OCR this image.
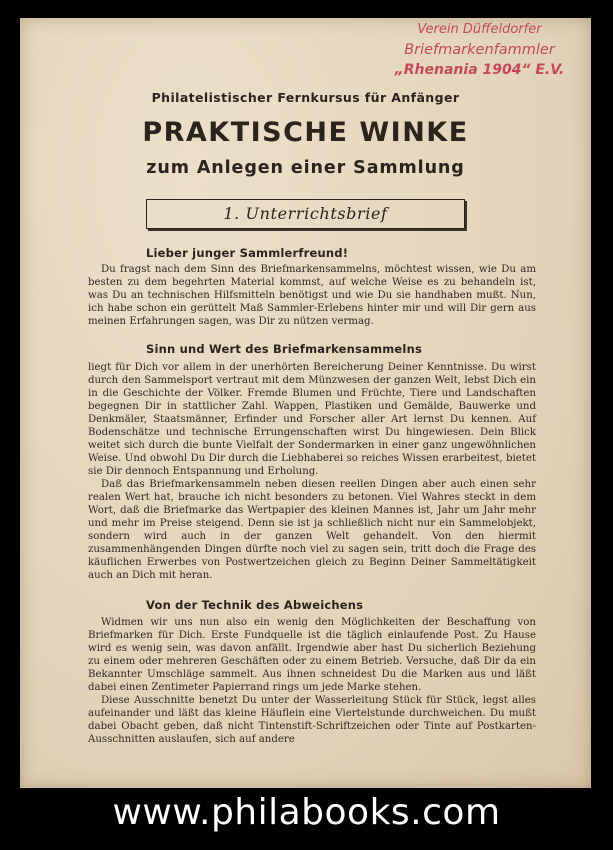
Verein Düffeldorfer
Briefmarkenfammler
„Rhenania 1904“ E.V.
Philatelistischer Fernkursus für Anfänger
PRAKTISCHE WINKE
zum Anlegen einer Sammlung
1. Unterrichtsbrief
Lieber junger Sammlerfreund!

Du fragst nach dem Sinn des Briefmarkensammelns, möchtest wissen, wie Du am besten zu dem begehrten Material kommst, auf welche Weise es zu behandeln ist, was Du an technischen Hilfsmitteln benötigst und wie Du sie handhaben mußt. Nun, ich habe schon ein gerüttelt Maß Sammler-Erlebens hinter mir und will Dir gern aus meinen Erfahrungen sagen, was Dir zu nützen vermag.

Sinn und Wert des Briefmarkensammelns

liegt für Dich vor allem in der unerhörten Bereicherung Deiner Kenntnisse. Du wirst durch den Sammelsport vertraut mit dem Münzwesen der ganzen Welt, lebst Dich ein in die Geschichte der Völker. Fremde Blumen und Früchte, Tiere und Landschaften begegnen Dir in stattlicher Zahl. Wappen, Plastiken und Gemälde, Bauwerke und Denkmäler, Staatsmänner, Erfinder und Forscher aller Art lernst Du kennen. Auf Bodenschätze und technische Errungenschaften wirst Du hingewiesen. Dein Blick weitet sich durch die bunte Vielfalt der Sondermarken in einer ganz ungewöhnlichen Weise. Und obwohl Du Dir durch die Liebhaberei so reiches Wissen erarbeitest, bietet sie Dir dennoch Entspannung und Erholung.

Daß das Briefmarkensammeln neben diesen reellen Dingen aber auch einen sehr realen Wert hat, brauche ich nicht besonders zu betonen. Viel Wahres steckt in dem Wort, daß die Briefmarke das Wertpapier des kleinen Mannes ist, Jahr um Jahr mehr und mehr im Preise steigend. Denn sie ist ja schließlich nicht nur ein Sammelobjekt, sondern wird auch in der ganzen Welt gehandelt. Von den hiermit zusammenhängenden Dingen dürfte noch viel zu sagen sein, tritt doch die Frage des käuflichen Erwerbes von Postwertzeichen gleich zu Beginn Deiner Sammeltätigkeit auch an Dich mit heran.

Von der Technik des Abweichens

Widmen wir uns nun also ein wenig den Möglichkeiten der Beschaffung von Briefmarken für Dich. Erste Fundquelle ist die täglich einlaufende Post. Zu Hause wird es wenig sein, was davon anfällt. Irgendwie aber hast Du sicherlich Beziehung zu einem oder mehreren Geschäften oder zu einem Betrieb. Versuche, daß Dir da ein Bekannter Umschläge sammelt. Aus ihnen schneidest Du die Marken aus und läßt dabei einen Zentimeter Papierrand rings um jede Marke stehen.

Diese Ausschnitte benetzt Du unter der Wasserleitung Stück für Stück, legst alles aufeinander und läßt das kleine Häuflein eine Viertelstunde durchweichen. Du mußt dabei Obacht geben, daß nicht Tintenstift-Schriftzeichen oder Tinte auf Postkarten-Ausschnitten auslaufen, sich auf andere

www.philabooks.com
